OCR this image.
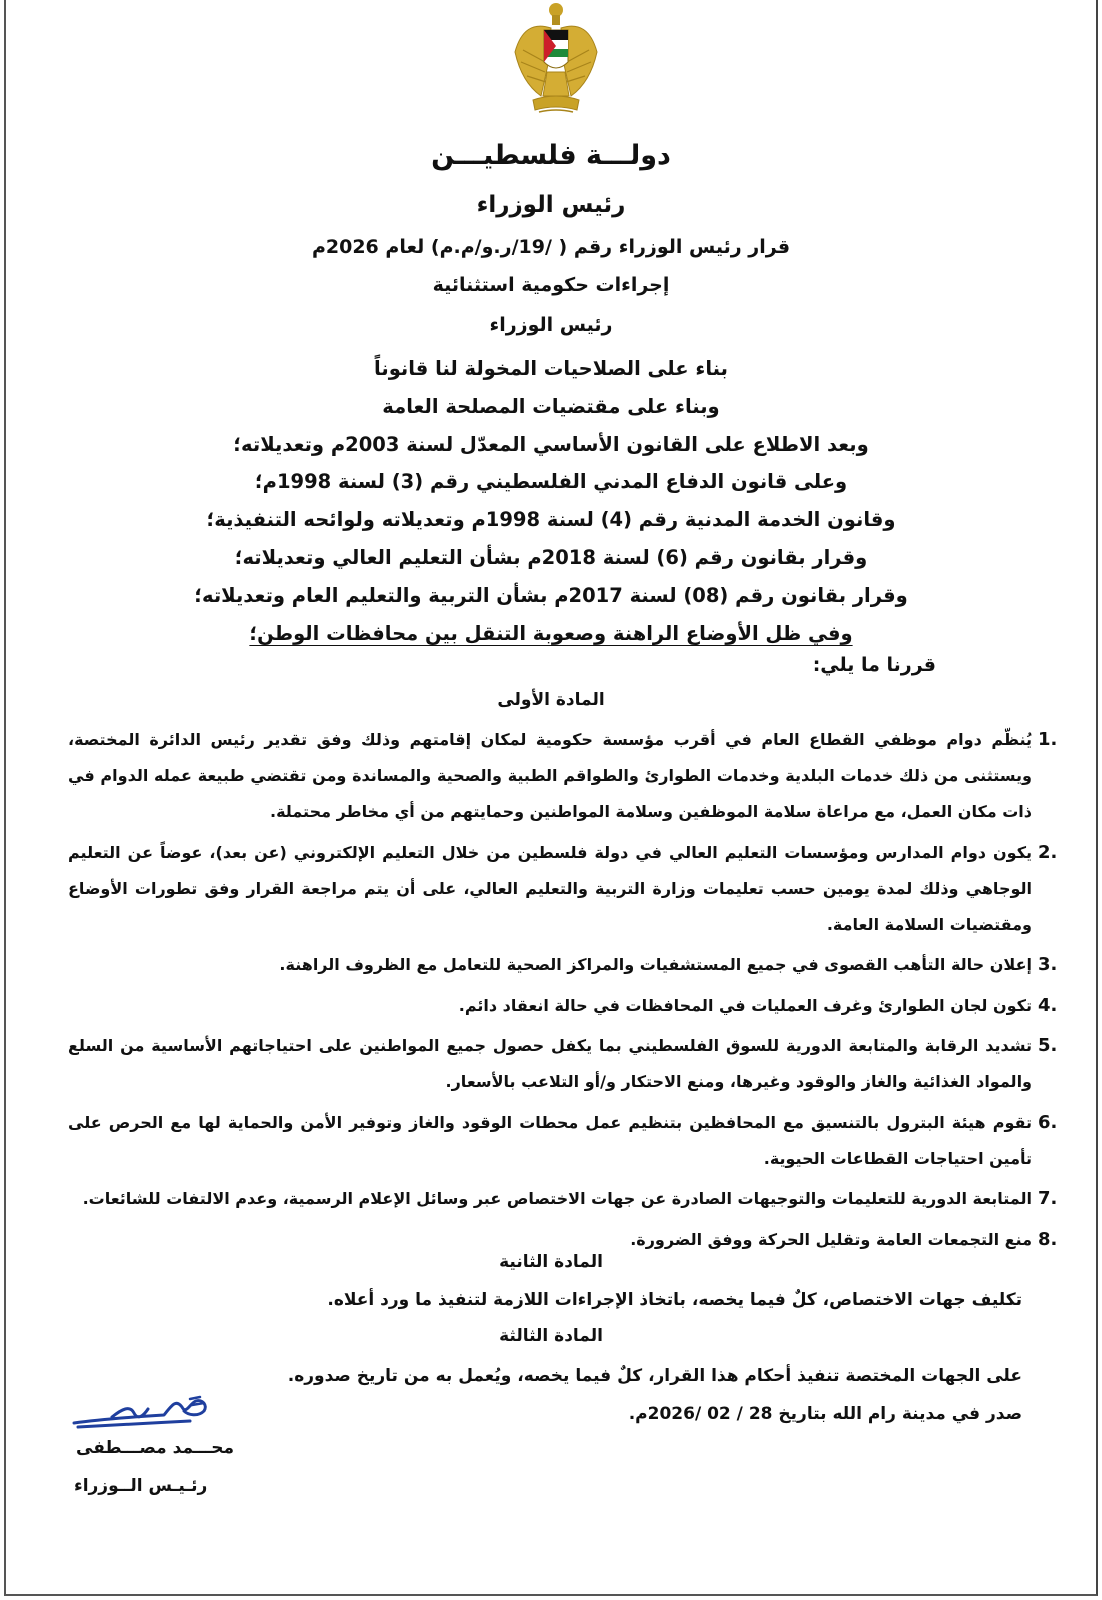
دولـــة فلسطيـــن
رئيس الوزراء
قرار رئيس الوزراء رقم ( /19/ر.و/م.م) لعام 2026م
إجراءات حكومية استثنائية
رئيس الوزراء
بناء على الصلاحيات المخولة لنا قانوناً
وبناء على مقتضيات المصلحة العامة
وبعد الاطلاع على القانون الأساسي المعدّل لسنة 2003م وتعديلاته؛
وعلى قانون الدفاع المدني الفلسطيني رقم (3) لسنة 1998م؛
وقانون الخدمة المدنية رقم (4) لسنة 1998م وتعديلاته ولوائحه التنفيذية؛
وقرار بقانون رقم (6) لسنة 2018م بشأن التعليم العالي وتعديلاته؛
وقرار بقانون رقم (08) لسنة 2017م بشأن التربية والتعليم العام وتعديلاته؛
وفي ظل الأوضاع الراهنة وصعوبة التنقل بين محافظات الوطن؛
قررنا ما يلي:
المادة الأولى
1.
يُنظّم دوام موظفي القطاع العام في أقرب مؤسسة حكومية لمكان إقامتهم وذلك وفق تقدير رئيس الدائرة المختصة، ويستثنى من ذلك خدمات البلدية وخدمات الطوارئ والطواقم الطبية والصحية والمساندة ومن تقتضي طبيعة عمله الدوام في ذات مكان العمل، مع مراعاة سلامة الموظفين وسلامة المواطنين وحمايتهم من أي مخاطر محتملة.
2.
يكون دوام المدارس ومؤسسات التعليم العالي في دولة فلسطين من خلال التعليم الإلكتروني (عن بعد)، عوضاً عن التعليم الوجاهي وذلك لمدة يومين حسب تعليمات وزارة التربية والتعليم العالي، على أن يتم مراجعة القرار وفق تطورات الأوضاع ومقتضيات السلامة العامة.
3.
إعلان حالة التأهب القصوى في جميع المستشفيات والمراكز الصحية للتعامل مع الظروف الراهنة.
4.
تكون لجان الطوارئ وغرف العمليات في المحافظات في حالة انعقاد دائم.
5.
تشديد الرقابة والمتابعة الدورية للسوق الفلسطيني بما يكفل حصول جميع المواطنين على احتياجاتهم الأساسية من السلع والمواد الغذائية والغاز والوقود وغيرها، ومنع الاحتكار و/أو التلاعب بالأسعار.
6.
تقوم هيئة البترول بالتنسيق مع المحافظين بتنظيم عمل محطات الوقود والغاز وتوفير الأمن والحماية لها مع الحرص على تأمين احتياجات القطاعات الحيوية.
7.
المتابعة الدورية للتعليمات والتوجيهات الصادرة عن جهات الاختصاص عبر وسائل الإعلام الرسمية، وعدم الالتفات للشائعات.
8.
منع التجمعات العامة وتقليل الحركة ووفق الضرورة.
المادة الثانية
تكليف جهات الاختصاص، كلٌ فيما يخصه، باتخاذ الإجراءات اللازمة لتنفيذ ما ورد أعلاه.
المادة الثالثة
على الجهات المختصة تنفيذ أحكام هذا القرار، كلٌ فيما يخصه، ويُعمل به من تاريخ صدوره.
صدر في مدينة رام الله بتاريخ 28 / 02 /2026م.
محـــمد مصـــطفى
رئـيـس الــوزراء
